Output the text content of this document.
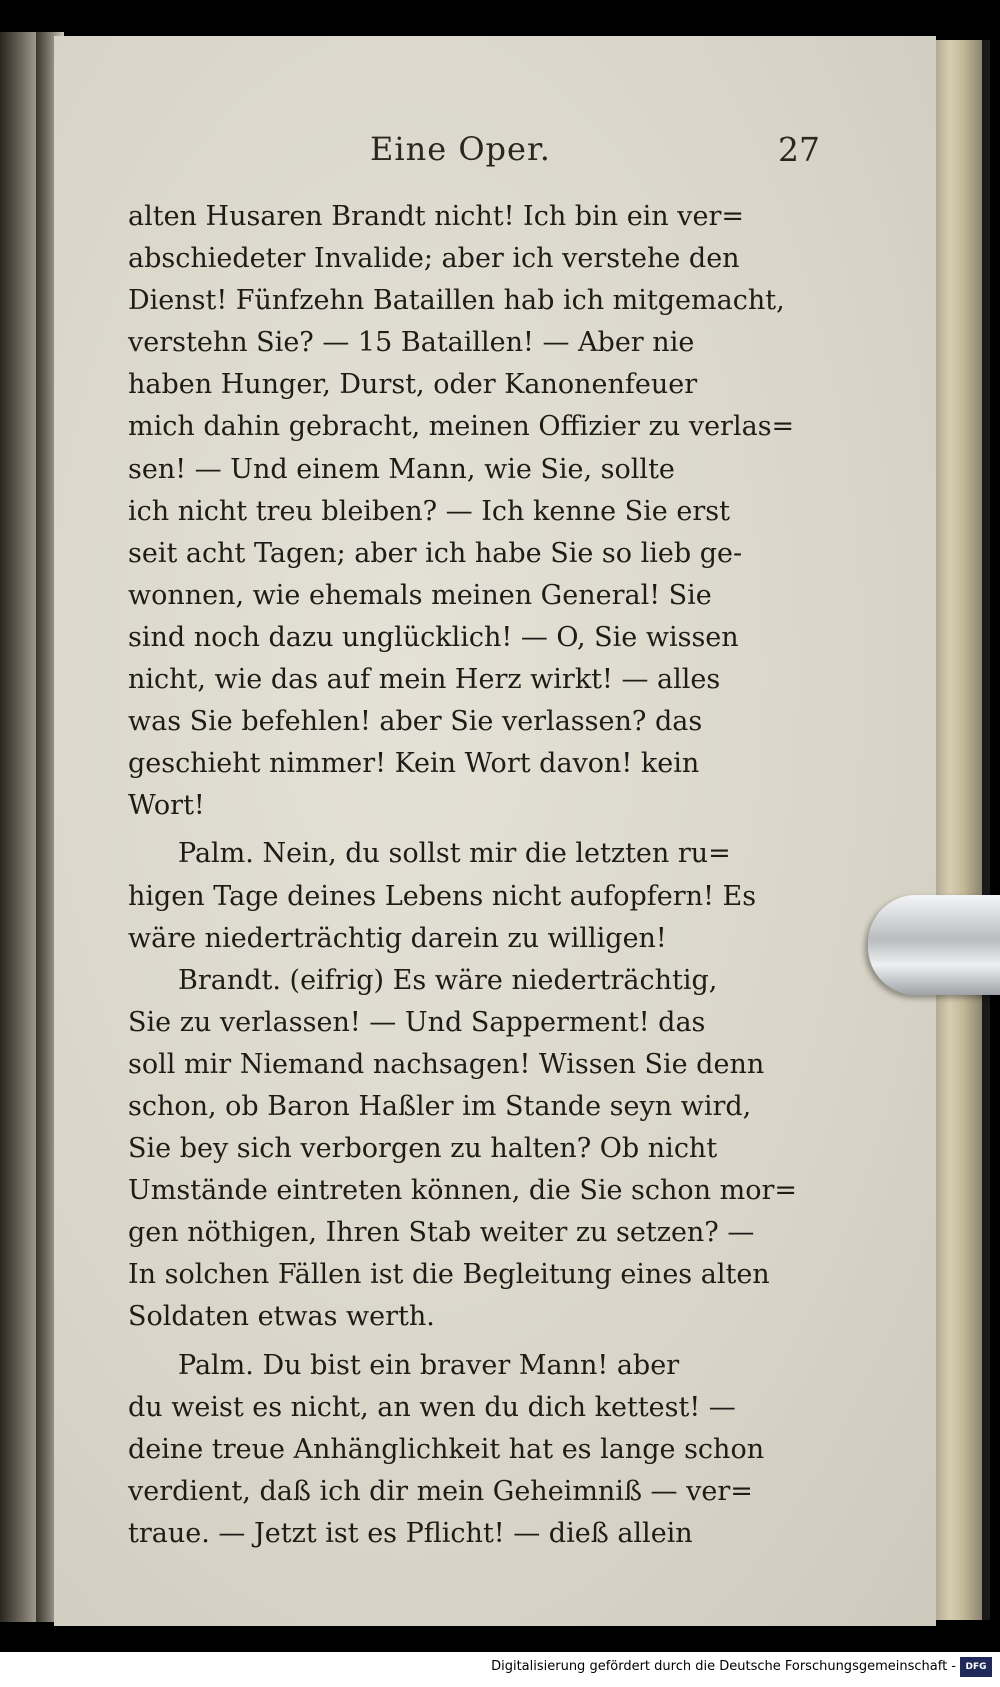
Eine Oper.	27
alten Husaren Brandt nicht! Ich bin ein ver=
abschiedeter Invalide; aber ich verstehe den
Dienst! Fünfzehn Bataillen hab ich mitgemacht,
verstehn Sie? — 15 Bataillen! — Aber nie
haben Hunger, Durst, oder Kanonenfeuer
mich dahin gebracht, meinen Offizier zu verlas=
sen! — Und einem Mann, wie Sie, sollte
ich nicht treu bleiben? — Ich kenne Sie erst
seit acht Tagen; aber ich habe Sie so lieb ge-
wonnen, wie ehemals meinen General! Sie
sind noch dazu unglücklich! — O, Sie wissen
nicht, wie das auf mein Herz wirkt! — alles
was Sie befehlen! aber Sie verlassen? das
geschieht nimmer! Kein Wort davon! kein
Wort!
Palm. Nein, du sollst mir die letzten ru=
higen Tage deines Lebens nicht aufopfern! Es
wäre niederträchtig darein zu willigen!
Brandt. (eifrig) Es wäre niederträchtig,
Sie zu verlassen! — Und Sapperment! das
soll mir Niemand nachsagen! Wissen Sie denn
schon, ob Baron Haßler im Stande seyn wird,
Sie bey sich verborgen zu halten? Ob nicht
Umstände eintreten können, die Sie schon mor=
gen nöthigen, Ihren Stab weiter zu setzen? —
In solchen Fällen ist die Begleitung eines alten
Soldaten etwas werth.
Palm. Du bist ein braver Mann! aber
du weist es nicht, an wen du dich kettest! —
deine treue Anhänglichkeit hat es lange schon
verdient, daß ich dir mein Geheimniß — ver=
traue. — Jetzt ist es Pflicht! — dieß allein
Digitalisierung gefördert durch die Deutsche Forschungsgemeinschaft -	DFG
